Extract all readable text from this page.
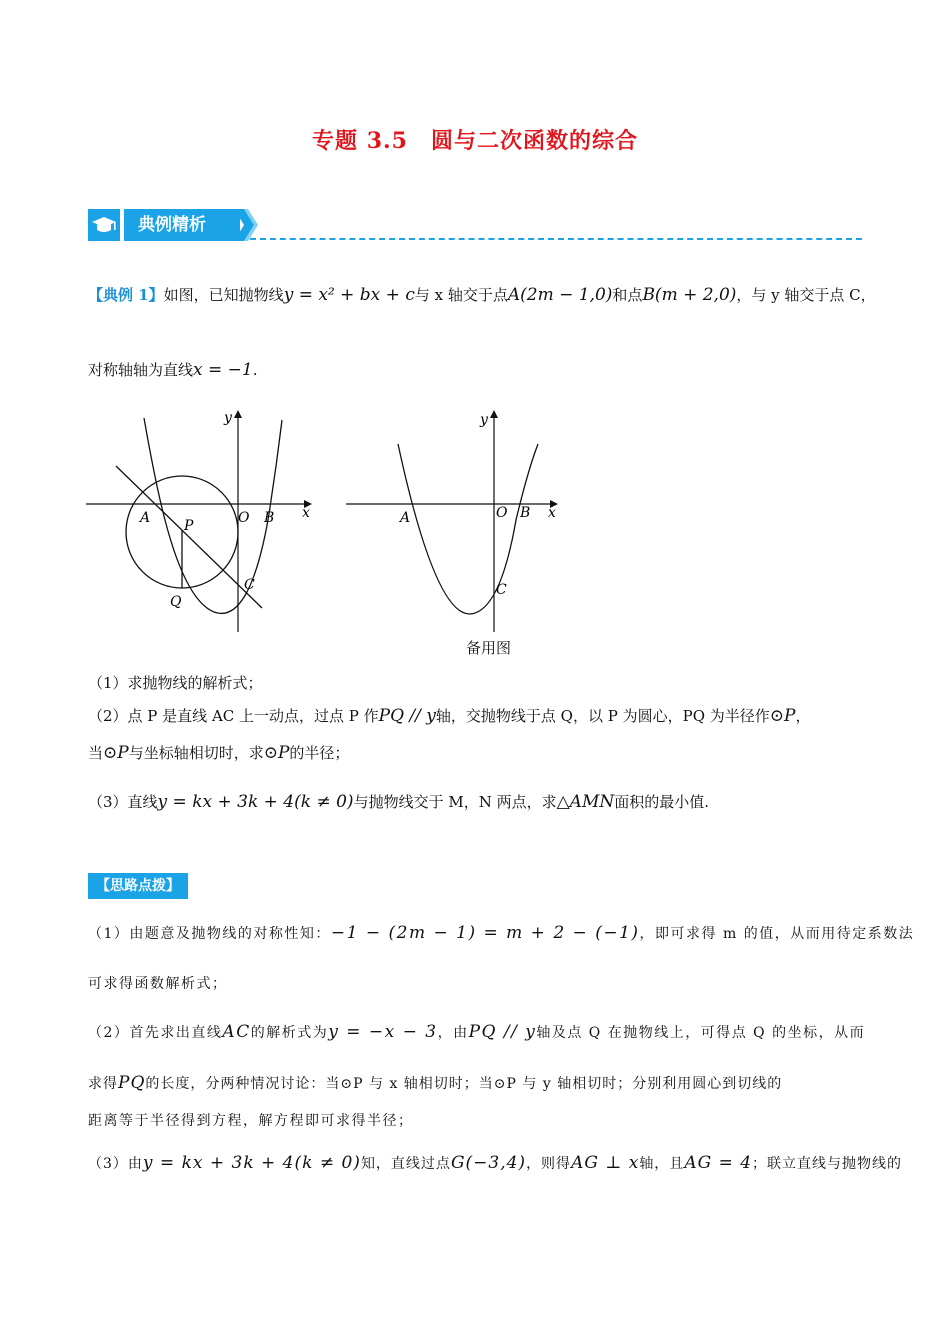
专题 3.5　圆与二次函数的综合
典例精析
【典例 1】如图，已知抛物线y = x² + bx + c与 x 轴交于点A(2m − 1,0)和点B(m + 2,0)，与 y 轴交于点 C，
对称轴轴为直线x = −1.
x
y
A	O B
P
Q
C
x
y
A	O B
C
备用图
（1）求抛物线的解析式；
（2）点 P 是直线 AC 上一动点，过点 P 作PQ // y轴，交抛物线于点 Q，以 P 为圆心，PQ 为半径作⊙P，
当⊙P与坐标轴相切时，求⊙P的半径；
（3）直线y = kx + 3k + 4(k ≠ 0)与抛物线交于 M，N 两点，求△AMN面积的最小值.
【思路点拨】
（1）由题意及抛物线的对称性知：−1 − (2m − 1) = m + 2 − (−1)，即可求得 m 的值，从而用待定系数法
可求得函数解析式；
（2）首先求出直线AC的解析式为y = −x − 3，由PQ // y轴及点 Q 在抛物线上，可得点 Q 的坐标，从而
求得PQ的长度，分两种情况讨论：当⊙P 与 x 轴相切时；当⊙P 与 y 轴相切时；分别利用圆心到切线的
距离等于半径得到方程，解方程即可求得半径；
（3）由y = kx + 3k + 4(k ≠ 0)知，直线过点G(−3,4)，则得AG ⊥ x轴，且AG = 4；联立直线与抛物线的
